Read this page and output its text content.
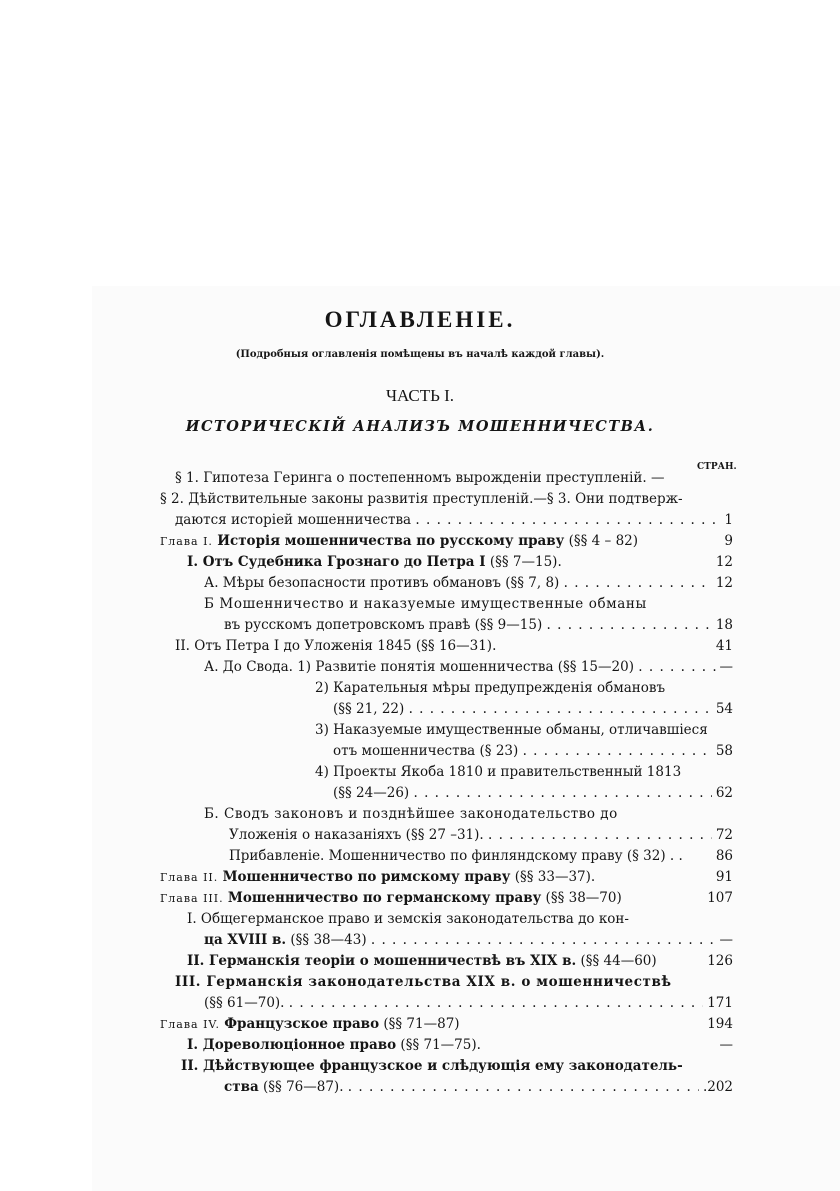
ОГЛАВЛЕНIЕ.
(Подробныя оглавленiя помѣщены въ началѣ каждой главы).
ЧАСТЬ I.
ИСТОРИЧЕСКIЙ АНАЛИЗЪ МОШЕННИЧЕСТВА.
СТРАН.
§ 1. Гипотеза Геринга о постепенномъ вырожденiи преступленiй. —
§ 2. Дѣйствительные законы развитiя преступленiй.—§ 3. Они подтверж-
даются исторiей мошенничества . . .	1
Глава I. Исторiя мошенничества по русскому праву (§§ 4 – 82)	9
I. Отъ Судебника Грознаго до Петра I (§§ 7—15).	12
А. Мѣры безопасности противъ обмановъ (§§ 7, 8) . . .	12
Б Мошенничество и наказуемые имущественные обманы
въ русскомъ допетровскомъ правѣ (§§ 9—15) . . .	18
II. Отъ Петра I до Уложенiя 1845 (§§ 16—31).	41
А. До Свода. 1) Развитiе понятiя мошенничества (§§ 15—20) . . .	—
2) Карательныя мѣры предупрежденiя обмановъ
(§§ 21, 22) . . .	54
3) Наказуемые имущественные обманы, отличавшiеся
отъ мошенничества (§ 23) . . .	58
4) Проекты Якоба 1810 и правительственный 1813
(§§ 24—26) . . .	62
Б. Сводъ законовъ и позднѣйшее законодательство до
Уложенiя о наказанiяхъ (§§ 27 –31). . . .	72
Прибавленiе. Мошенничество по финляндскому праву (§ 32) . . 86
Глава II. Мошенничество по римскому праву (§§ 33—37).	91
Глава III. Мошенничество по германскому праву (§§ 38—70)	107
I. Общегерманское право и земскiя законодательства до кон-
ца XVIII в. (§§ 38—43) . . .	—
II. Германскiя теорiи о мошенничествѣ въ XIX в. (§§ 44—60)	126
III. Германскiя законодательства XIX в. о мошенничествѣ
(§§ 61—70). . . .	171
Глава IV. Французское право (§§ 71—87)	194
I. Дореволюцiонное право (§§ 71—75).	—
II. Дѣйствующее французское и слѣдующiя ему законодатель-
ства (§§ 76—87). . . .	.202
